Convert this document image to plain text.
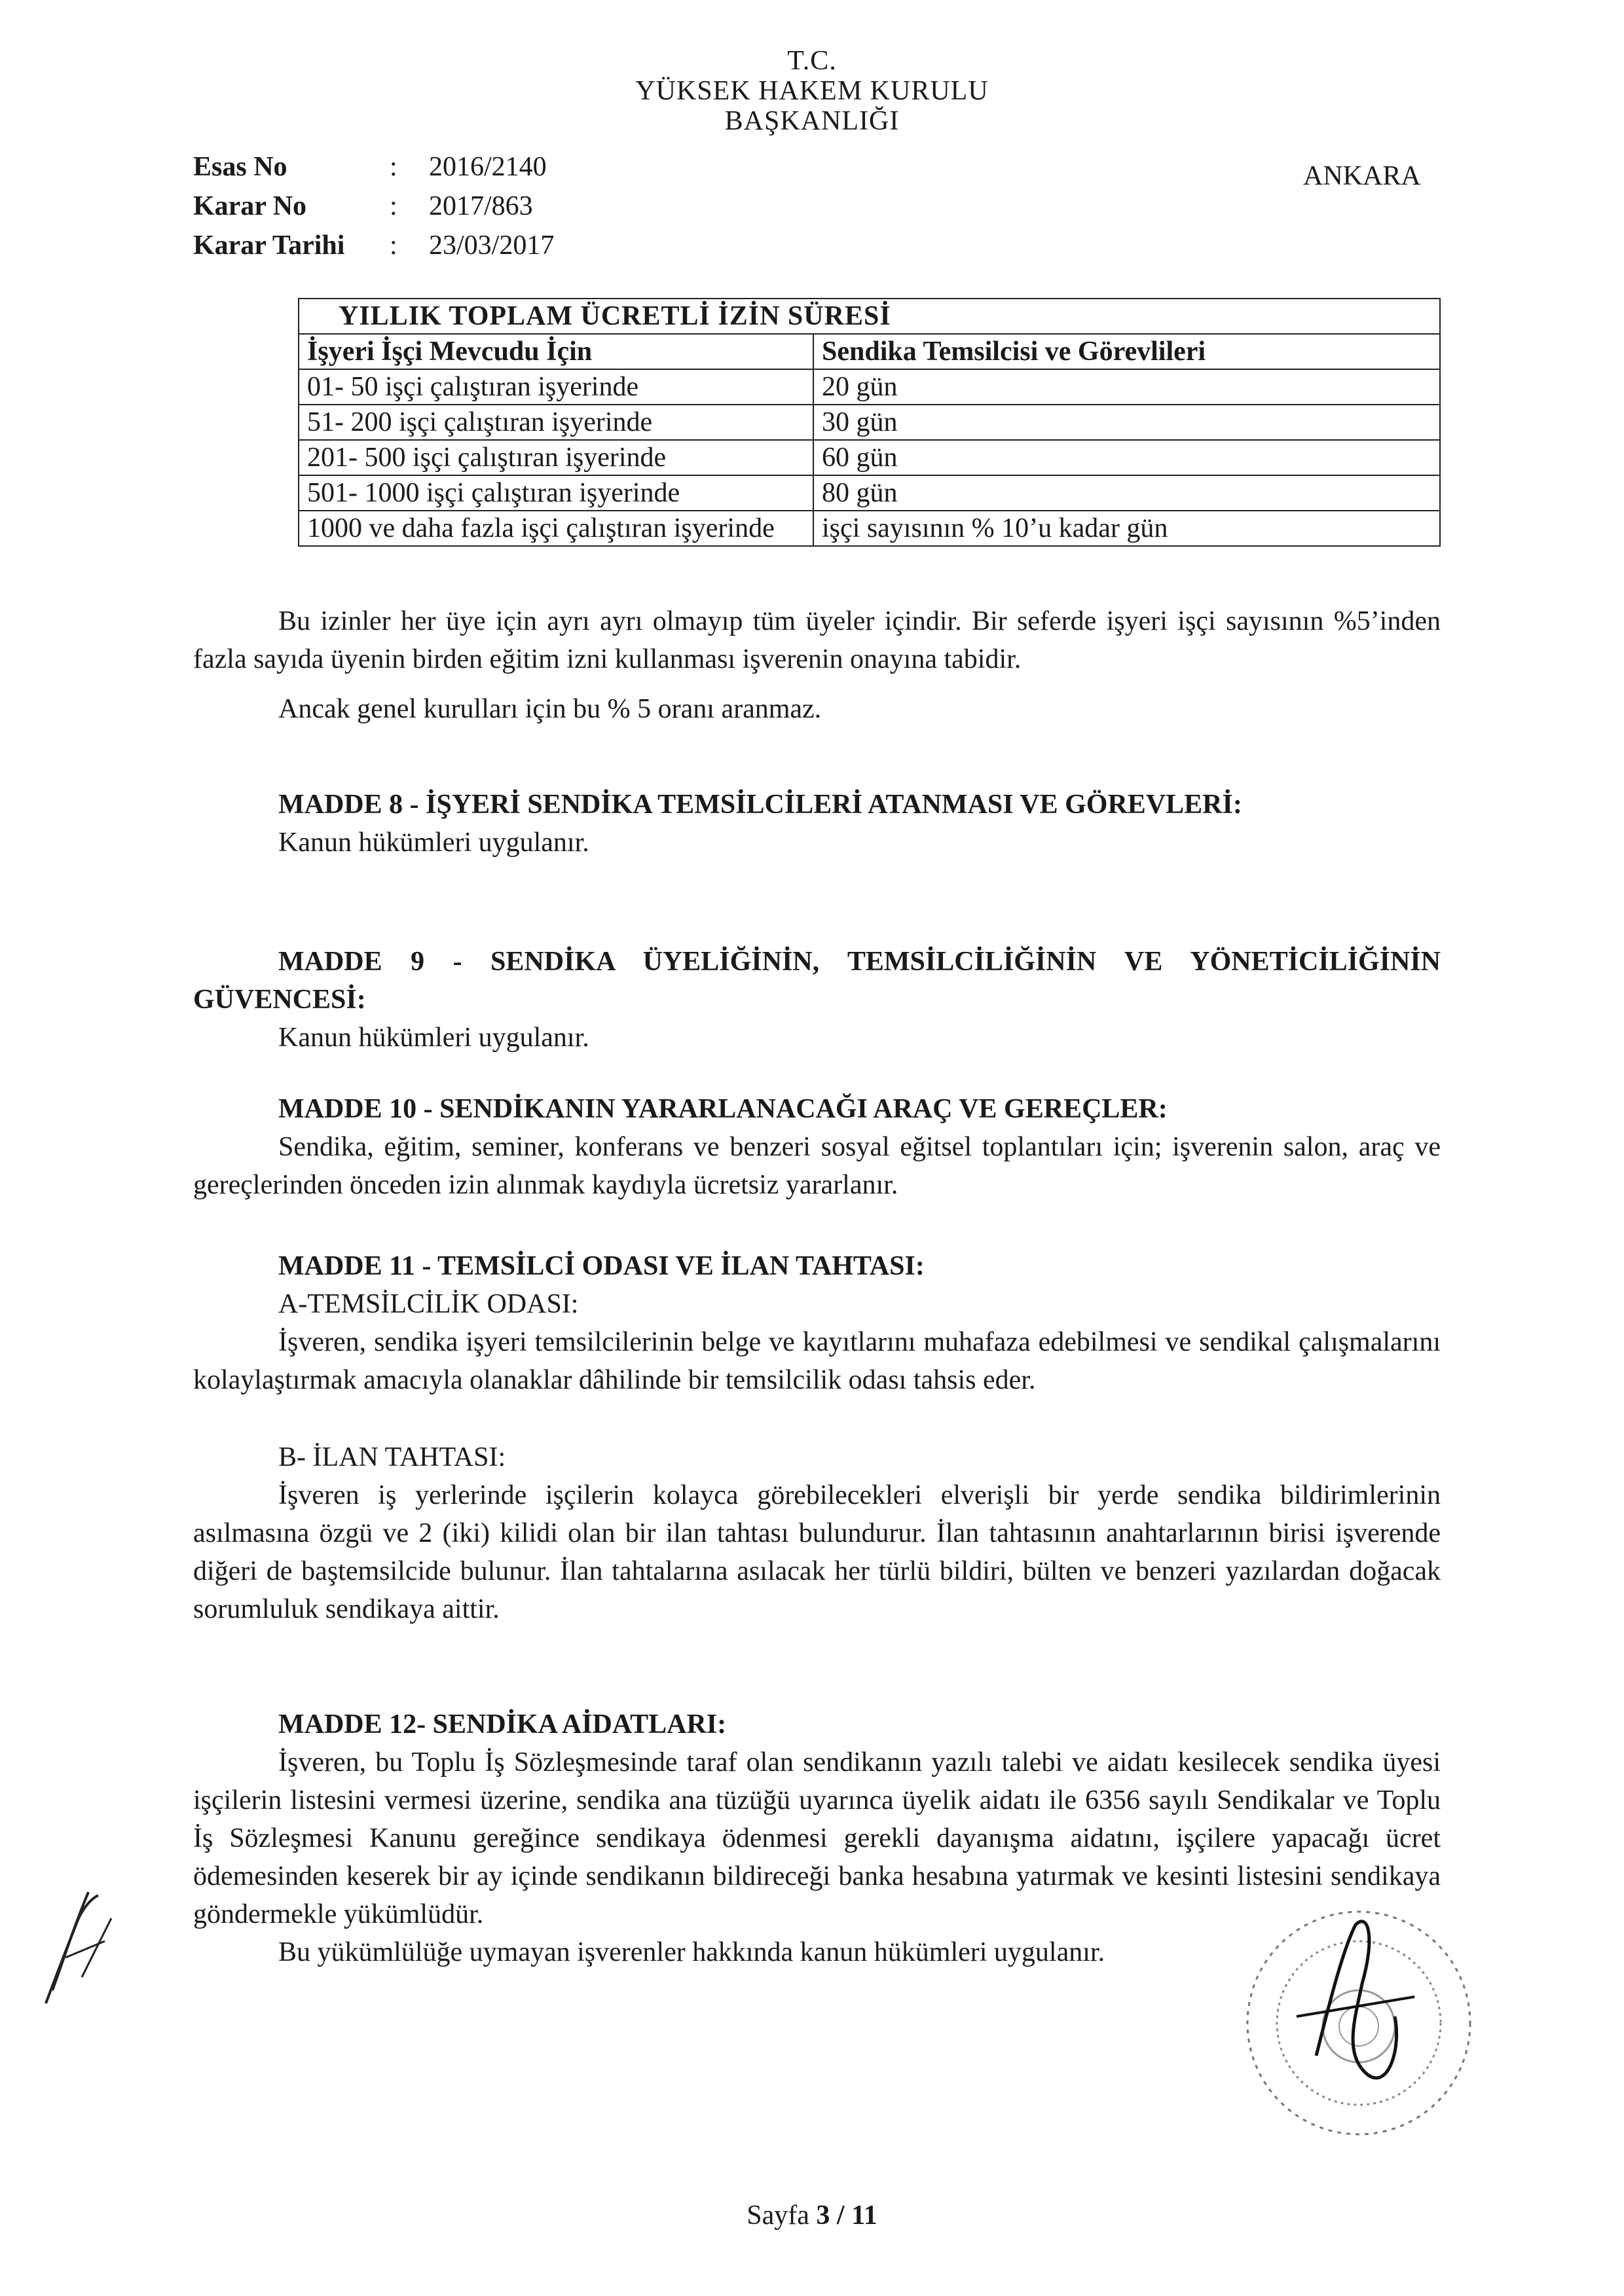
T.C.
YÜKSEK HAKEM KURULU
BAŞKANLIĞI
Esas No	:	2016/2140
Karar No	:	2017/863
Karar Tarihi	:	23/03/2017
ANKARA
YILLIK TOPLAM ÜCRETLİ İZİN SÜRESİ	
İşyeri İşçi Mevcudu İçin	Sendika Temsilcisi ve Görevlileri
01- 50 işçi çalıştıran işyerinde	20 gün
51- 200 işçi çalıştıran işyerinde	30 gün
201- 500 işçi çalıştıran işyerinde	60 gün
501- 1000 işçi çalıştıran işyerinde	80 gün
1000 ve daha fazla işçi çalıştıran işyerinde	işçi sayısının % 10’u kadar gün

Bu izinler her üye için ayrı ayrı olmayıp tüm üyeler içindir. Bir seferde işyeri işçi sayısının %5’inden fazla sayıda üyenin birden eğitim izni kullanması işverenin onayına tabidir.

Ancak genel kurulları için bu % 5 oranı aranmaz.

MADDE 8 - İŞYERİ SENDİKA TEMSİLCİLERİ ATANMASI VE GÖREVLERİ:

Kanun hükümleri uygulanır.

MADDE 9 - SENDİKA ÜYELİĞİNİN, TEMSİLCİLİĞİNİN VE YÖNETİCİLİĞİNİN GÜVENCESİ:

Kanun hükümleri uygulanır.

MADDE 10 - SENDİKANIN YARARLANACAĞI ARAÇ VE GEREÇLER:

Sendika, eğitim, seminer, konferans ve benzeri sosyal eğitsel toplantıları için; işverenin salon, araç ve gereçlerinden önceden izin alınmak kaydıyla ücretsiz yararlanır.

MADDE 11 - TEMSİLCİ ODASI VE İLAN TAHTASI:

A-TEMSİLCİLİK ODASI:

İşveren, sendika işyeri temsilcilerinin belge ve kayıtlarını muhafaza edebilmesi ve sendikal çalışmalarını kolaylaştırmak amacıyla olanaklar dâhilinde bir temsilcilik odası tahsis eder.

B- İLAN TAHTASI:

İşveren iş yerlerinde işçilerin kolayca görebilecekleri elverişli bir yerde sendika bildirimlerinin asılmasına özgü ve 2 (iki) kilidi olan bir ilan tahtası bulundurur. İlan tahtasının anahtarlarının birisi işverende diğeri de baştemsilcide bulunur. İlan tahtalarına asılacak her türlü bildiri, bülten ve benzeri yazılardan doğacak sorumluluk sendikaya aittir.

MADDE 12- SENDİKA AİDATLARI:

İşveren, bu Toplu İş Sözleşmesinde taraf olan sendikanın yazılı talebi ve aidatı kesilecek sendika üyesi işçilerin listesini vermesi üzerine, sendika ana tüzüğü uyarınca üyelik aidatı ile 6356 sayılı Sendikalar ve Toplu İş Sözleşmesi Kanunu gereğince sendikaya ödenmesi gerekli dayanışma aidatını, işçilere yapacağı ücret ödemesinden keserek bir ay içinde sendikanın bildireceği banka hesabına yatırmak ve kesinti listesini sendikaya göndermekle yükümlüdür.

Bu yükümlülüğe uymayan işverenler hakkında kanun hükümleri uygulanır.

Sayfa 3 / 11
